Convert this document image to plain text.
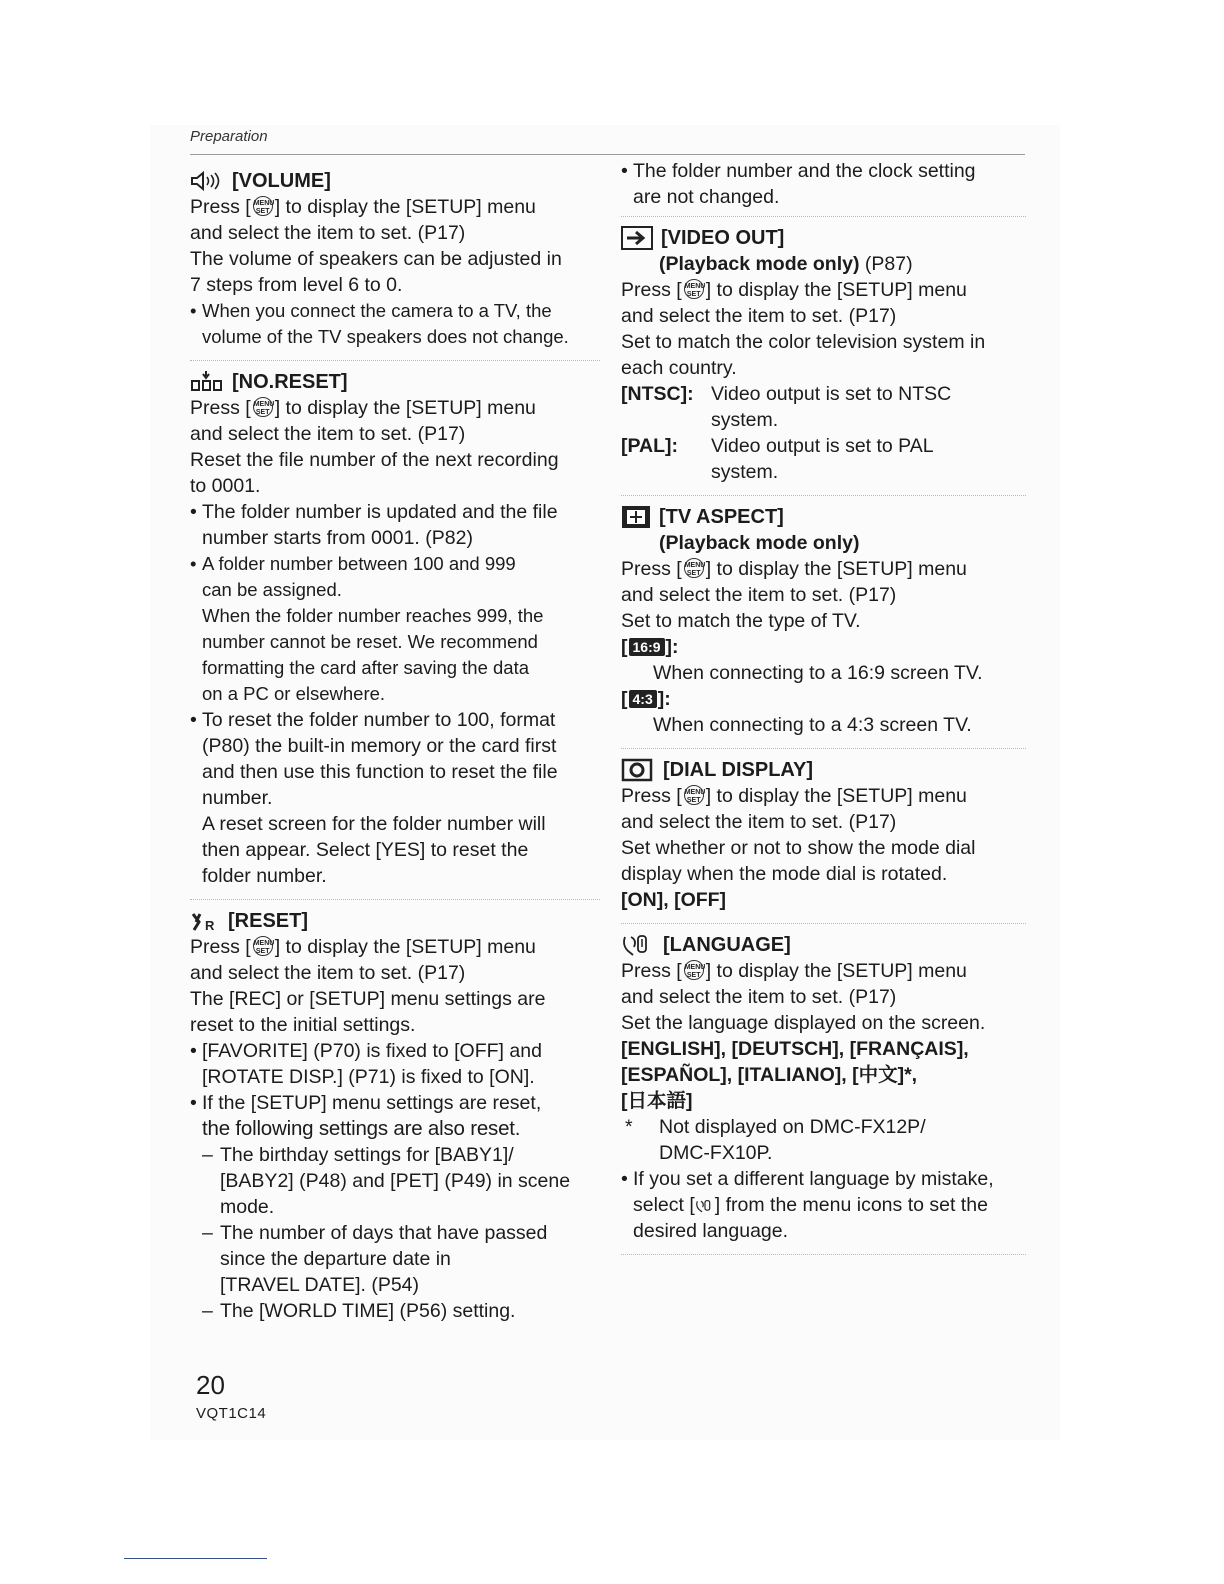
Preparation
[VOLUME]

Press [ MENU
SET ] to display the [SETUP] menu

and select the item to set. (P17)

The volume of speakers can be adjusted in

7 steps from level 6 to 0.

• When you connect the camera to a TV, the

volume of the TV speakers does not change.

[NO.RESET]

Press [ MENU
SET ] to display the [SETUP] menu

and select the item to set. (P17)

Reset the file number of the next recording

to 0001.

• The folder number is updated and the file

number starts from 0001. (P82)

• A folder number between 100 and 999

can be assigned.

When the folder number reaches 999, the

number cannot be reset. We recommend

formatting the card after saving the data

on a PC or elsewhere.

• To reset the folder number to 100, format

(P80) the built-in memory or the card first

and then use this function to reset the file

number.

A reset screen for the folder number will

then appear. Select [YES] to reset the

folder number.

R [RESET]

Press [ MENU
SET ] to display the [SETUP] menu

and select the item to set. (P17)

The [REC] or [SETUP] menu settings are

reset to the initial settings.

• [FAVORITE] (P70) is fixed to [OFF] and

[ROTATE DISP.] (P71) is fixed to [ON].

• If the [SETUP] menu settings are reset,

the following settings are also reset.

– The birthday settings for [BABY1]/

[BABY2] (P48) and [PET] (P49) in scene

mode.

– The number of days that have passed

since the departure date in

[TRAVEL DATE]. (P54)

– The [WORLD TIME] (P56) setting.

• The folder number and the clock setting

are not changed.

[VIDEO OUT]

(Playback mode only) (P87)

Press [ MENU
SET ] to display the [SETUP] menu

and select the item to set. (P17)

Set to match the color television system in

each country.

[NTSC]: Video output is set to NTSC

system.

[PAL]:	Video output is set to PAL

system.

[TV ASPECT]

(Playback mode only)

Press [ MENU
SET ] to display the [SETUP] menu

and select the item to set. (P17)

Set to match the type of TV.

[ 16:9 ]:

When connecting to a 16:9 screen TV.

[ 4:3 ]:

When connecting to a 4:3 screen TV.

[DIAL DISPLAY]

Press [ MENU
SET ] to display the [SETUP] menu

and select the item to set. (P17)

Set whether or not to show the mode dial

display when the mode dial is rotated.

[ON], [OFF]

[LANGUAGE]

Press [ MENU
SET ] to display the [SETUP] menu

and select the item to set. (P17)

Set the language displayed on the screen.

[ENGLISH], [DEUTSCH], [FRANÇAIS],

[ESPAÑOL], [ITALIANO], [中文]*,

[日本語]

*	Not displayed on DMC-FX12P/

DMC-FX10P.

• If you set a different language by mistake,

select [ ] from the menu icons to set the

desired language.

20
VQT1C14
